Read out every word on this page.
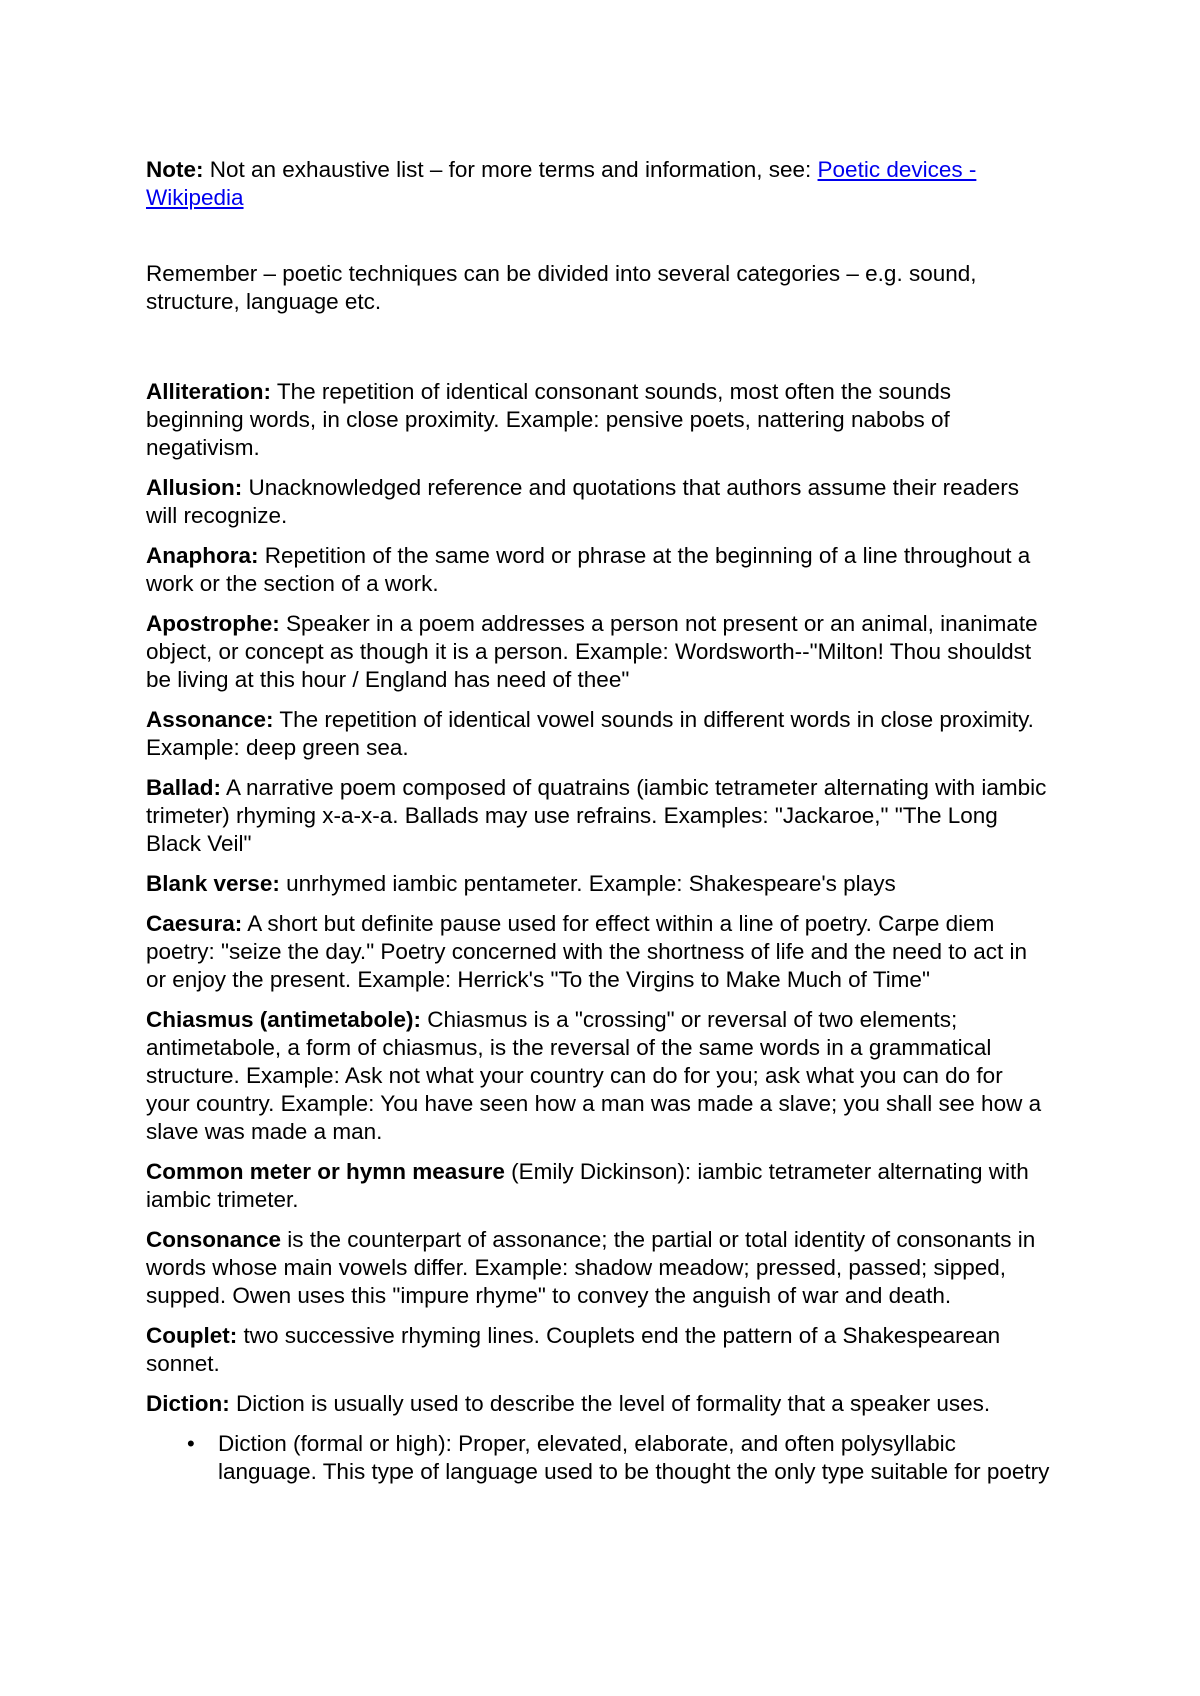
Note: Not an exhaustive list – for more terms and information, see: Poetic devices - Wikipedia

Remember – poetic techniques can be divided into several categories – e.g. sound, structure, language etc.

Alliteration: The repetition of identical consonant sounds, most often the sounds beginning words, in close proximity. Example: pensive poets, nattering nabobs of negativism.

Allusion: Unacknowledged reference and quotations that authors assume their readers will recognize.

Anaphora: Repetition of the same word or phrase at the beginning of a line throughout a work or the section of a work.

Apostrophe: Speaker in a poem addresses a person not present or an animal, inanimate object, or concept as though it is a person. Example: Wordsworth--"Milton! Thou shouldst be living at this hour / England has need of thee"

Assonance: The repetition of identical vowel sounds in different words in close proximity. Example: deep green sea.

Ballad: A narrative poem composed of quatrains (iambic tetrameter alternating with iambic trimeter) rhyming x-a-x-a. Ballads may use refrains. Examples: "Jackaroe," "The Long Black Veil"

Blank verse: unrhymed iambic pentameter. Example: Shakespeare's plays

Caesura: A short but definite pause used for effect within a line of poetry. Carpe diem poetry: "seize the day." Poetry concerned with the shortness of life and the need to act in or enjoy the present. Example: Herrick's "To the Virgins to Make Much of Time"

Chiasmus (antimetabole): Chiasmus is a "crossing" or reversal of two elements; antimetabole, a form of chiasmus, is the reversal of the same words in a grammatical structure. Example: Ask not what your country can do for you; ask what you can do for your country. Example: You have seen how a man was made a slave; you shall see how a slave was made a man.

Common meter or hymn measure (Emily Dickinson): iambic tetrameter alternating with iambic trimeter.

Consonance is the counterpart of assonance; the partial or total identity of consonants in words whose main vowels differ. Example: shadow meadow; pressed, passed; sipped, supped. Owen uses this "impure rhyme" to convey the anguish of war and death.

Couplet: two successive rhyming lines. Couplets end the pattern of a Shakespearean sonnet.

Diction: Diction is usually used to describe the level of formality that a speaker uses.

• Diction (formal or high): Proper, elevated, elaborate, and often polysyllabic language. This type of language used to be thought the only type suitable for poetry
